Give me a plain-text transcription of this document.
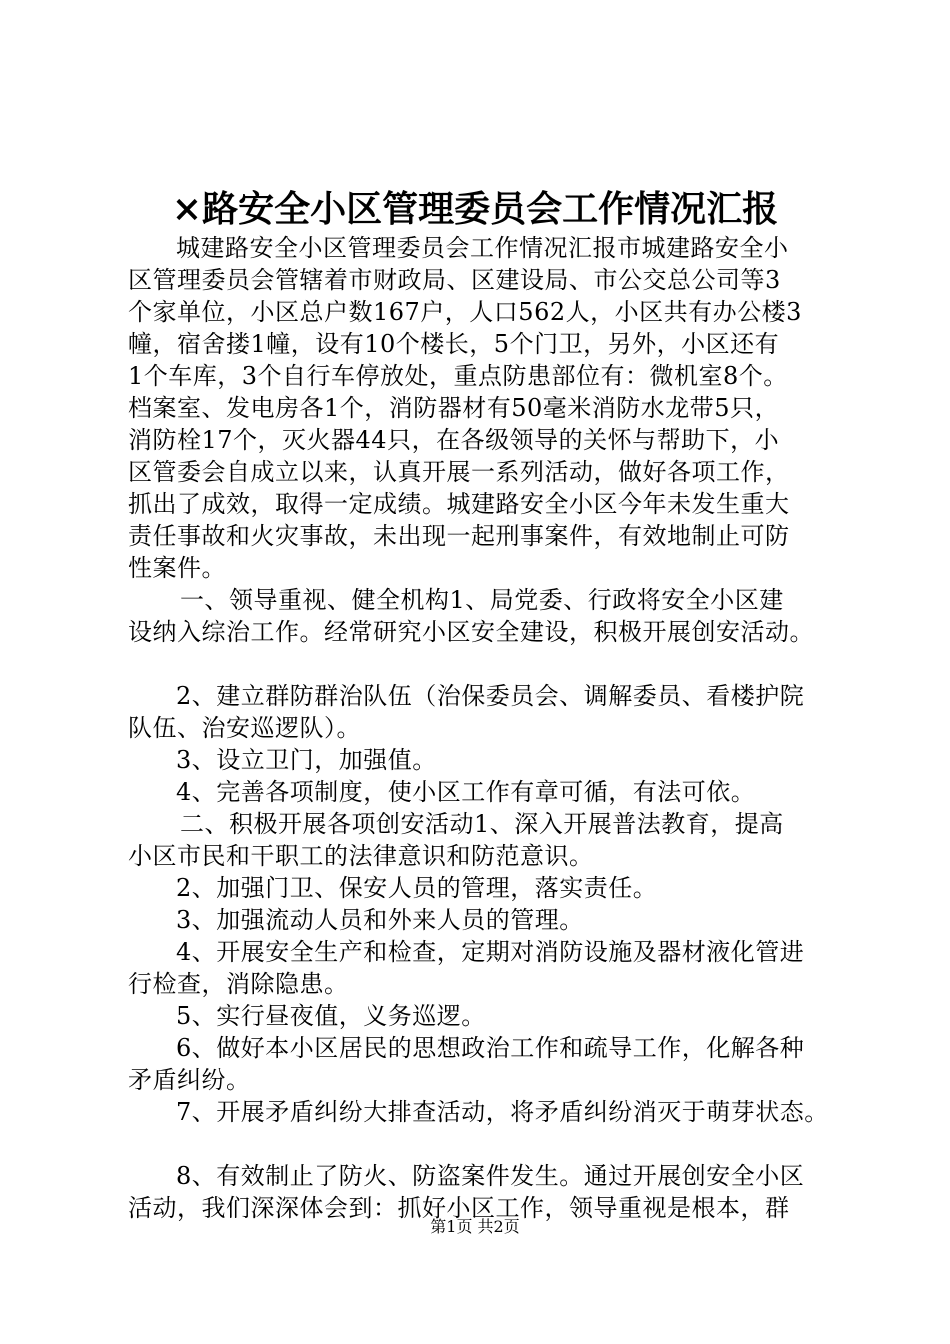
×路安全小区管理委员会工作情况汇报
城建路安全小区管理委员会工作情况汇报市城建路安全小
区管理委员会管辖着市财政局、区建设局、市公交总公司等3
个家单位，小区总户数167户，人口562人，小区共有办公楼3
幢，宿舍搂1幢，设有10个楼长，5个门卫，另外，小区还有
1个车库，3个自行车停放处，重点防患部位有：微机室8个。
档案室、发电房各1个，消防器材有50毫米消防水龙带5只，
消防栓17个，灭火器44只，在各级领导的关怀与帮助下，小
区管委会自成立以来，认真开展一系列活动，做好各项工作，
抓出了成效，取得一定成绩。城建路安全小区今年未发生重大
责任事故和火灾事故，未出现一起刑事案件，有效地制止可防
性案件。
一、领导重视、健全机构1、局党委、行政将安全小区建
设纳入综治工作。经常研究小区安全建设，积极开展创安活动。
2、建立群防群治队伍（治保委员会、调解委员、看楼护院
队伍、治安巡逻队）。
3、设立卫门，加强值。
4、完善各项制度，使小区工作有章可循，有法可依。
二、积极开展各项创安活动1、深入开展普法教育，提高
小区市民和干职工的法律意识和防范意识。
2、加强门卫、保安人员的管理，落实责任。
3、加强流动人员和外来人员的管理。
4、开展安全生产和检查，定期对消防设施及器材液化管进
行检查，消除隐患。
5、实行昼夜值，义务巡逻。
6、做好本小区居民的思想政治工作和疏导工作，化解各种
矛盾纠纷。
7、开展矛盾纠纷大排查活动，将矛盾纠纷消灭于萌芽状态。
8、有效制止了防火、防盗案件发生。通过开展创安全小区
活动，我们深深体会到：抓好小区工作，领导重视是根本，群
第1页 共2页
